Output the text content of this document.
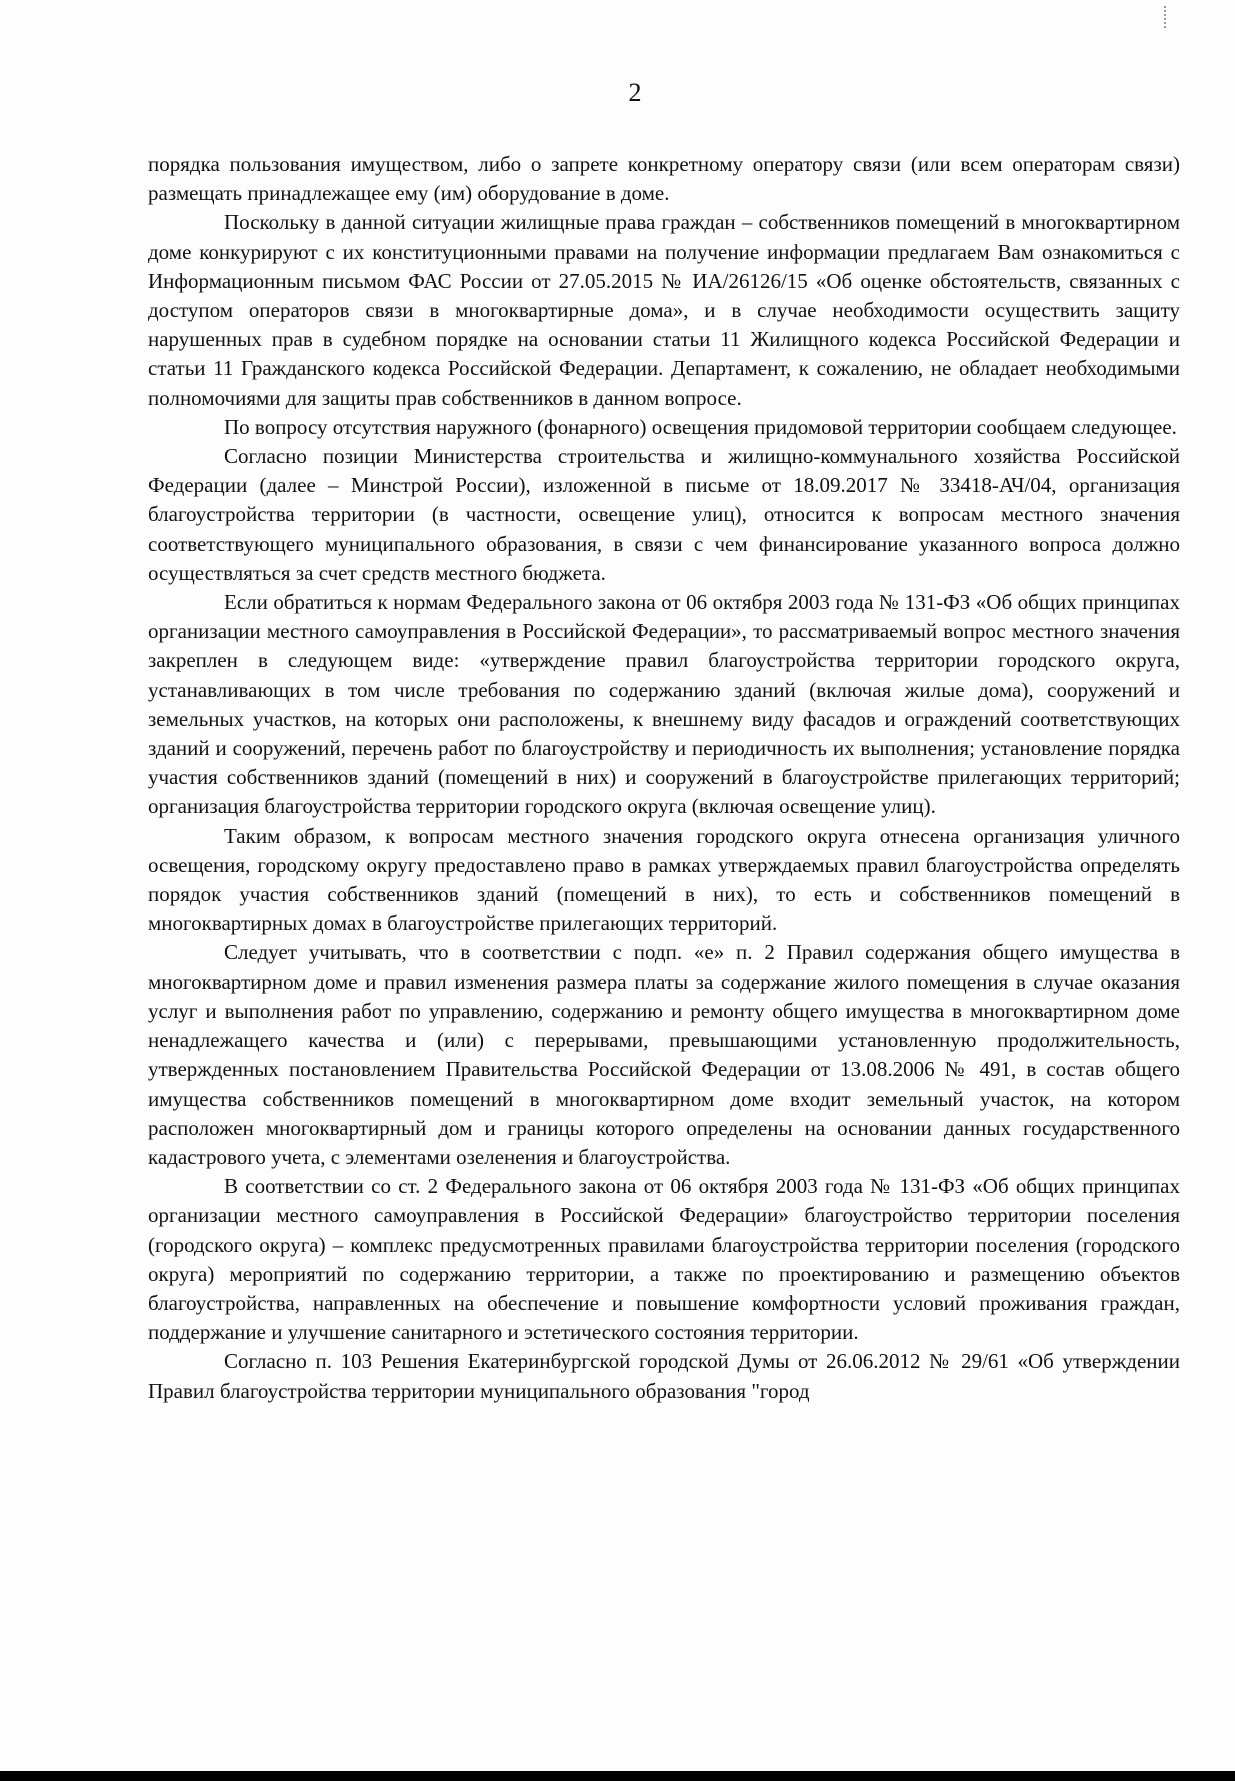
2

порядка пользования имуществом, либо о запрете конкретному оператору связи (или всем операторам связи) размещать принадлежащее ему (им) оборудование в доме.

Поскольку в данной ситуации жилищные права граждан – собственников помещений в многоквартирном доме конкурируют с их конституционными правами на получение информации предлагаем Вам ознакомиться с Информационным письмом ФАС России от 27.05.2015 № ИА/26126/15 «Об оценке обстоятельств, связанных с доступом операторов связи в многоквартирные дома», и в случае необходимости осуществить защиту нарушенных прав в судебном порядке на основании статьи 11 Жилищного кодекса Российской Федерации и статьи 11 Гражданского кодекса Российской Федерации. Департамент, к сожалению, не обладает необходимыми полномочиями для защиты прав собственников в данном вопросе.

По вопросу отсутствия наружного (фонарного) освещения придомовой территории сообщаем следующее.

Согласно позиции Министерства строительства и жилищно-коммунального хозяйства Российской Федерации (далее – Минстрой России), изложенной в письме от 18.09.2017 № 33418-АЧ/04, организация благоустройства территории (в частности, освещение улиц), относится к вопросам местного значения соответствующего муниципального образования, в связи с чем финансирование указанного вопроса должно осуществляться за счет средств местного бюджета.

Если обратиться к нормам Федерального закона от 06 октября 2003 года № 131-ФЗ «Об общих принципах организации местного самоуправления в Российской Федерации», то рассматриваемый вопрос местного значения закреплен в следующем виде: «утверждение правил благоустройства территории городского округа, устанавливающих в том числе требования по содержанию зданий (включая жилые дома), сооружений и земельных участков, на которых они расположены, к внешнему виду фасадов и ограждений соответствующих зданий и сооружений, перечень работ по благоустройству и периодичность их выполнения; установление порядка участия собственников зданий (помещений в них) и сооружений в благоустройстве прилегающих территорий; организация благоустройства территории городского округа (включая освещение улиц).

Таким образом, к вопросам местного значения городского округа отнесена организация уличного освещения, городскому округу предоставлено право в рамках утверждаемых правил благоустройства определять порядок участия собственников зданий (помещений в них), то есть и собственников помещений в многоквартирных домах в благоустройстве прилегающих территорий.

Следует учитывать, что в соответствии с подп. «е» п. 2 Правил содержания общего имущества в многоквартирном доме и правил изменения размера платы за содержание жилого помещения в случае оказания услуг и выполнения работ по управлению, содержанию и ремонту общего имущества в многоквартирном доме ненадлежащего качества и (или) с перерывами, превышающими установленную продолжительность, утвержденных постановлением Правительства Российской Федерации от 13.08.2006 № 491, в состав общего имущества собственников помещений в многоквартирном доме входит земельный участок, на котором расположен многоквартирный дом и границы которого определены на основании данных государственного кадастрового учета, с элементами озеленения и благоустройства.

В соответствии со ст. 2 Федерального закона от 06 октября 2003 года № 131-ФЗ «Об общих принципах организации местного самоуправления в Российской Федерации» благоустройство территории поселения (городского округа) – комплекс предусмотренных правилами благоустройства территории поселения (городского округа) мероприятий по содержанию территории, а также по проектированию и размещению объектов благоустройства, направленных на обеспечение и повышение комфортности условий проживания граждан, поддержание и улучшение санитарного и эстетического состояния территории.

Согласно п. 103 Решения Екатеринбургской городской Думы от 26.06.2012 № 29/61 «Об утверждении Правил благоустройства территории муниципального образования "город
